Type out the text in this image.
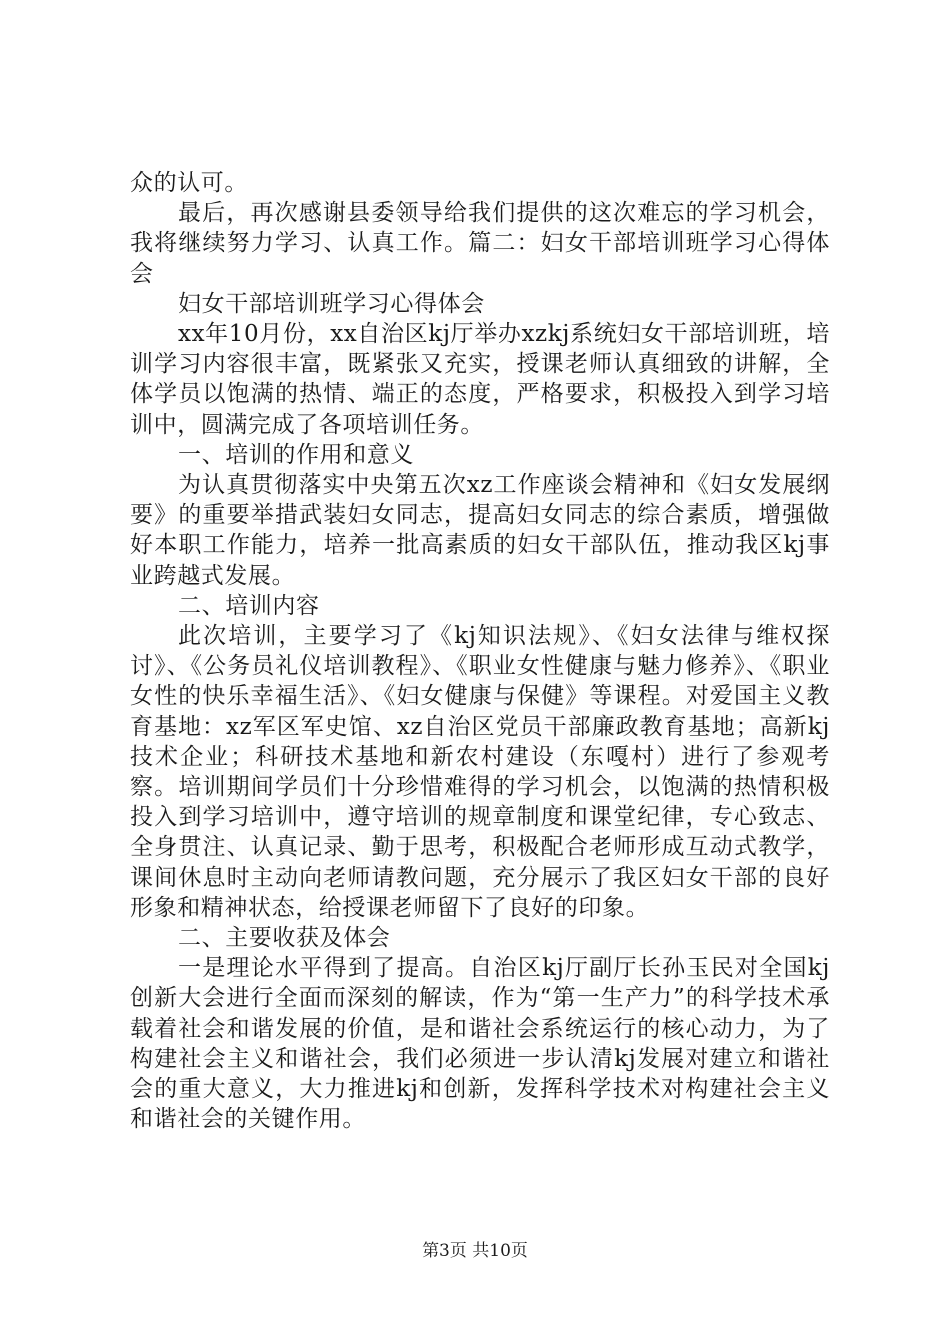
众的认可。

最后，再次感谢县委领导给我们提供的这次难忘的学习机会，我将继续努力学习、认真工作。篇二：妇女干部培训班学习心得体会

妇女干部培训班学习心得体会

xx年10月份，xx自治区kj厅举办xzkj系统妇女干部培训班，培训学习内容很丰富，既紧张又充实，授课老师认真细致的讲解，全体学员以饱满的热情、端正的态度，严格要求，积极投入到学习培训中，圆满完成了各项培训任务。

一、培训的作用和意义

为认真贯彻落实中央第五次xz工作座谈会精神和《妇女发展纲要》的重要举措武装妇女同志，提高妇女同志的综合素质，增强做好本职工作能力，培养一批高素质的妇女干部队伍，推动我区kj事业跨越式发展。

二、培训内容

此次培训，主要学习了《kj知识法规》、《妇女法律与维权探讨》、《公务员礼仪培训教程》、《职业女性健康与魅力修养》、《职业女性的快乐幸福生活》、《妇女健康与保健》等课程。对爱国主义教育基地：xz军区军史馆、xz自治区党员干部廉政教育基地；高新kj技术企业；科研技术基地和新农村建设（东嘎村）进行了参观考察。培训期间学员们十分珍惜难得的学习机会，以饱满的热情积极投入到学习培训中，遵守培训的规章制度和课堂纪律，专心致志、全身贯注、认真记录、勤于思考，积极配合老师形成互动式教学，课间休息时主动向老师请教问题，充分展示了我区妇女干部的良好形象和精神状态，给授课老师留下了良好的印象。

二、主要收获及体会

一是理论水平得到了提高。自治区kj厅副厅长孙玉民对全国kj创新大会进行全面而深刻的解读，作为“第一生产力”的科学技术承载着社会和谐发展的价值，是和谐社会系统运行的核心动力，为了构建社会主义和谐社会，我们必须进一步认清kj发展对建立和谐社会的重大意义，大力推进kj和创新，发挥科学技术对构建社会主义和谐社会的关键作用。

第3页 共10页
